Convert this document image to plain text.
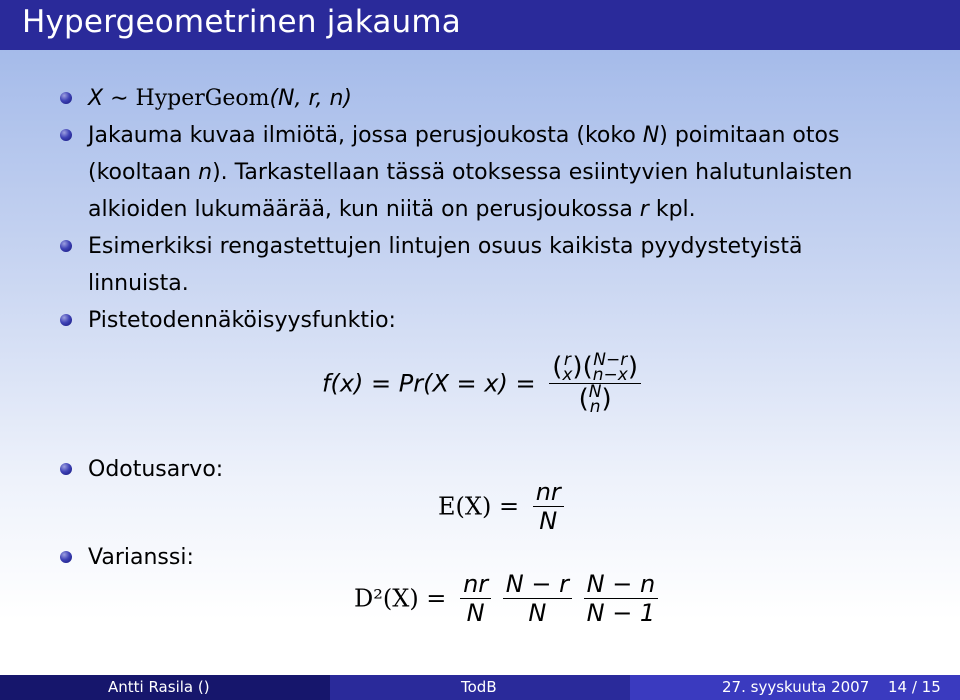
Hypergeometrinen jakauma
X ∼ HyperGeom(N, r, n)
Jakauma kuvaa ilmiötä, jossa perusjoukosta (koko N) poimitaan otos
(kooltaan n). Tarkastellaan tässä otoksessa esiintyvien halutunlaisten
alkioiden lukumäärää, kun niitä on perusjoukossa r kpl.
Esimerkiksi rengastettujen lintujen osuus kaikista pyydystetyistä
linnuista.
Pistetodennäköisyysfunktio:
f(x) = Pr(X = x) = ( r
x )( N−r
n−x )
( N
n )
Odotusarvo:
$E(X) = \frac{nr}{N}$
Varianssi:
$D^2(X) = \frac{nr}{N}$
$\frac{N - r}{N}$
$\frac{N - n}{N - 1}$
Antti Rasila ()	TodB	27. syyskuuta 2007 14 / 15
